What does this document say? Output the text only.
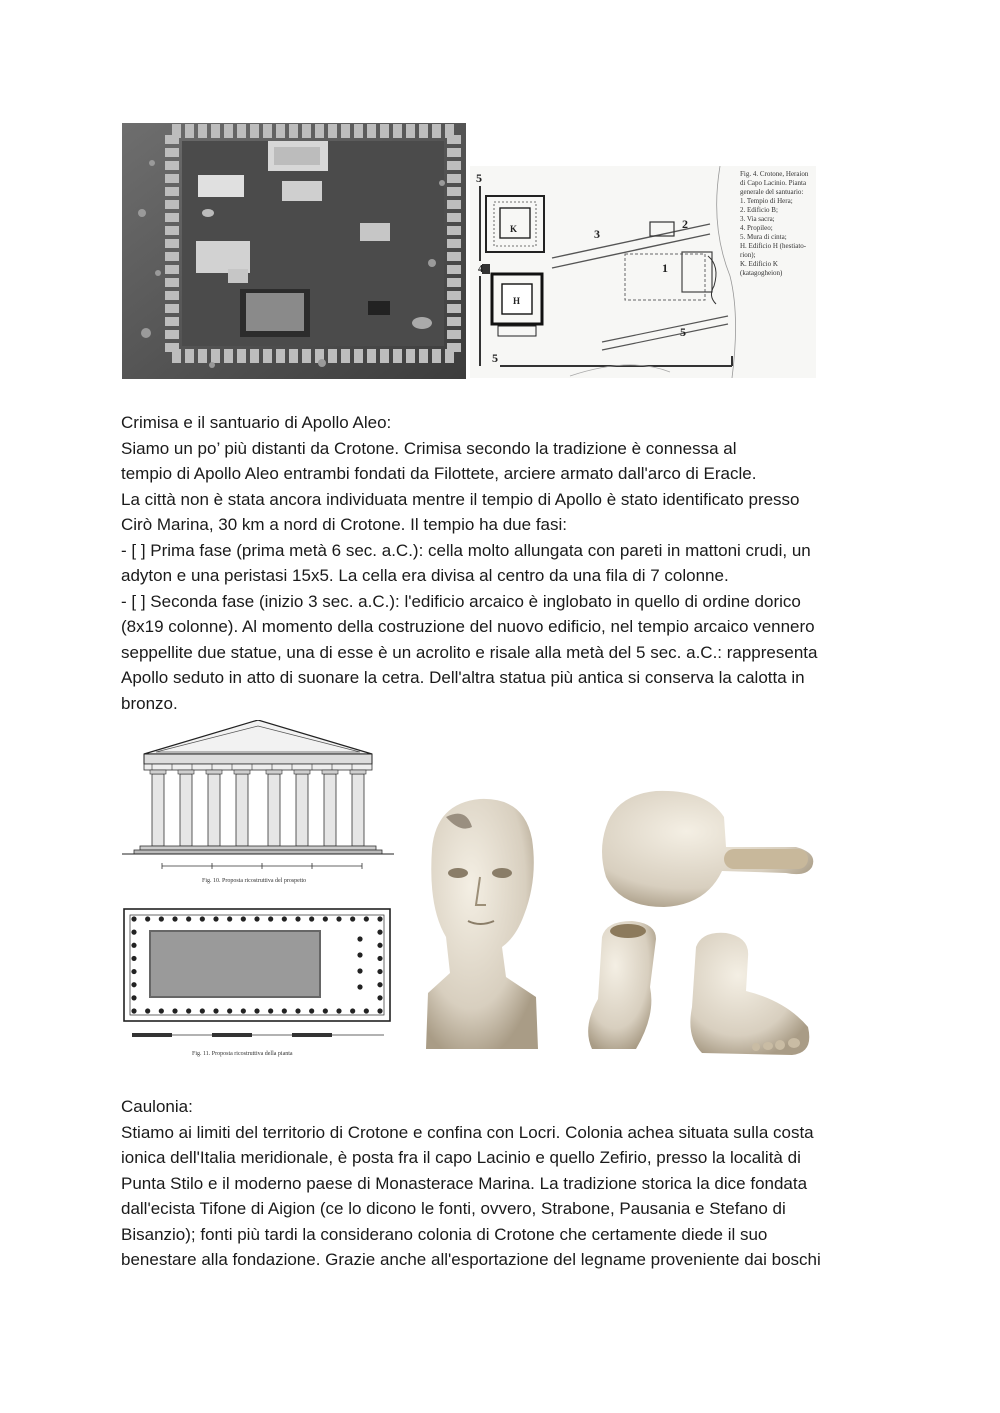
5
K	3
2
1
4
H
5
5
Fig. 4. Crotone, Heraion
di Capo Lacinio. Pianta
generale del santuario:
1. Tempio di Hera;
2. Edificio B;
3. Via sacra;
4. Propileo;
5. Mura di cinta;
H. Edificio H (hestiato-
rion);
K. Edificio K (katagogheion)

Crimisa e il santuario di Apollo Aleo:

Siamo un po’ più distanti da Crotone. Crimisa secondo la tradizione è connessa al

tempio di Apollo Aleo entrambi fondati da Filottete, arciere armato dall'arco di Eracle.

La città non è stata ancora individuata mentre il tempio di Apollo è stato identificato presso

Cirò Marina, 30 km a nord di Crotone. Il tempio ha due fasi:

- [ ] Prima fase (prima metà 6 sec. a.C.): cella molto allungata con pareti in mattoni crudi, un

adyton e una peristasi 15x5. La cella era divisa al centro da una fila di 7 colonne.

- [ ] Seconda fase (inizio 3 sec. a.C.): l'edificio arcaico è inglobato in quello di ordine dorico

(8x19 colonne). Al momento della costruzione del nuovo edificio, nel tempio arcaico vennero

seppellite due statue, una di esse è un acrolito e risale alla metà del 5 sec. a.C.: rappresenta

Apollo seduto in atto di suonare la cetra. Dell'altra statua più antica si conserva la calotta in

bronzo.

Fig. 10. Proposta ricostruttiva del prospetto
Fig. 11. Proposta ricostruttiva della pianta

Caulonia:

Stiamo ai limiti del territorio di Crotone e confina con Locri. Colonia achea situata sulla costa

ionica dell'Italia meridionale, è posta fra il capo Lacinio e quello Zefirio, presso la località di

Punta Stilo e il moderno paese di Monasterace Marina. La tradizione storica la dice fondata

dall'ecista Tifone di Aigion (ce lo dicono le fonti, ovvero, Strabone, Pausania e Stefano di

Bisanzio); fonti più tardi la considerano colonia di Crotone che certamente diede il suo

benestare alla fondazione. Grazie anche all'esportazione del legname proveniente dai boschi
